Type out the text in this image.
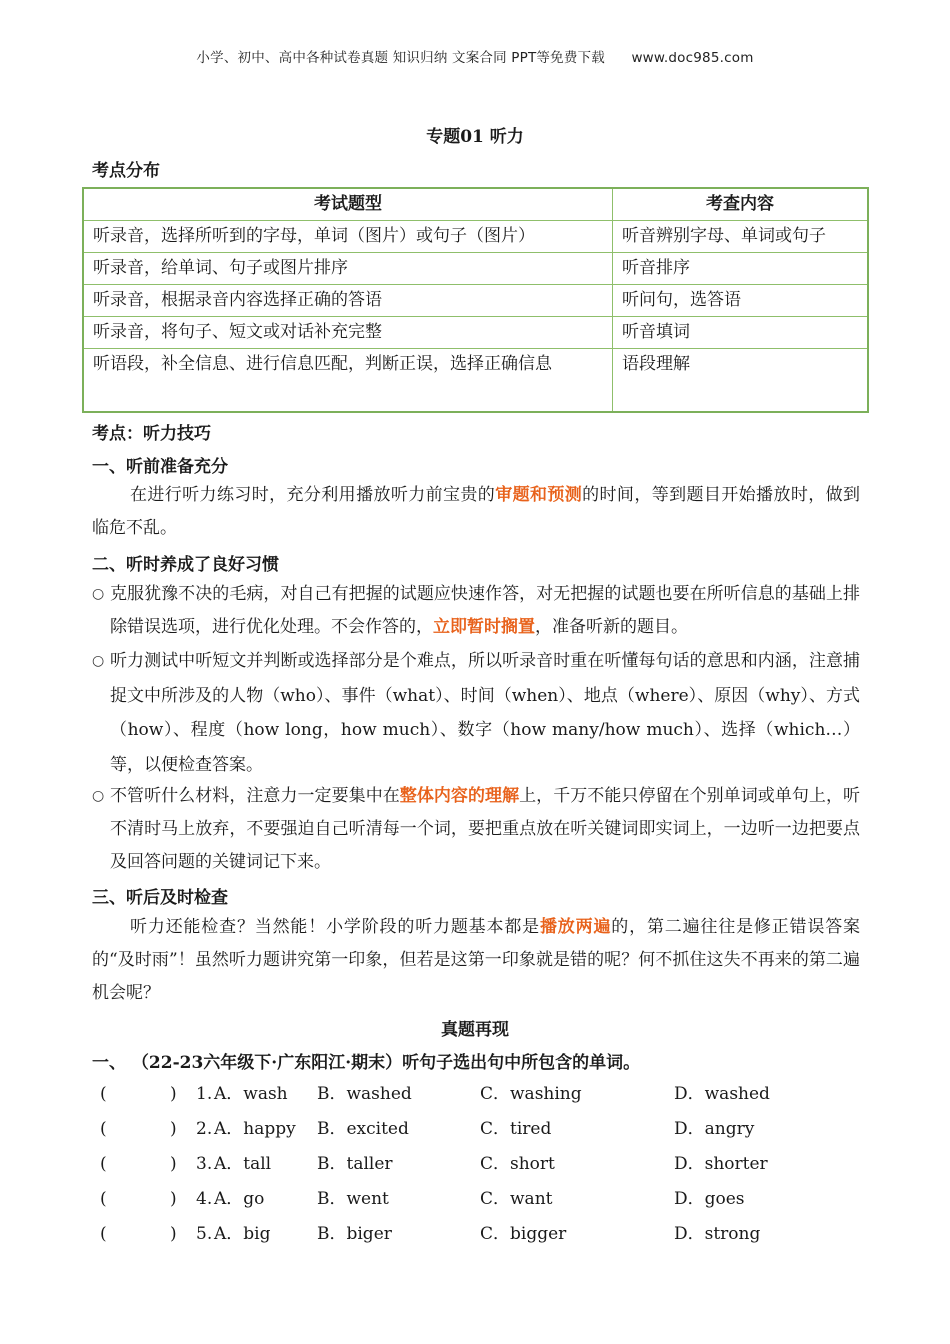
小学、初中、高中各种试卷真题 知识归纳 文案合同 PPT等免费下载 www.doc985.com
专题01 听力
考点分布
考试题型	考查内容
听录音，选择所听到的字母，单词（图片）或句子（图片）	听音辨别字母、单词或句子
听录音，给单词、句子或图片排序	听音排序
听录音，根据录音内容选择正确的答语	听问句，选答语
听录音，将句子、短文或对话补充完整	听音填词
听语段，补全信息、进行信息匹配，判断正误，选择正确信息	语段理解
考点：听力技巧
一、听前准备充分
在进行听力练习时，充分利用播放听力前宝贵的审题和预测的时间，等到题目开始播放时，做到临危不乱。
二、听时养成了良好习惯
○ 克服犹豫不决的毛病，对自己有把握的试题应快速作答，对无把握的试题也要在所听信息的基础上排除错误选项，进行优化处理。不会作答的，立即暂时搁置，准备听新的题目。
○ 听力测试中听短文并判断或选择部分是个难点，所以听录音时重在听懂每句话的意思和内涵，注意捕捉文中所涉及的人物（who）、事件（what）、时间（when）、地点（where）、原因（why）、方式（how）、程度（how long，how much）、数字（how many/how much）、选择（which…）等，以便检查答案。
○ 不管听什么材料，注意力一定要集中在整体内容的理解上，千万不能只停留在个别单词或单句上，听不清时马上放弃，不要强迫自己听清每一个词，要把重点放在听关键词即实词上，一边听一边把要点及回答问题的关键词记下来。
三、听后及时检查
听力还能检查？当然能！小学阶段的听力题基本都是播放两遍的，第二遍往往是修正错误答案的“及时雨”！虽然听力题讲究第一印象，但若是这第一印象就是错的呢？何不抓住这失不再来的第二遍机会呢？
真题再现
一、 （22-23六年级下·广东阳江·期末）听句子选出句中所包含的单词。
(	) 1. A．wash B．washed	C．washing	D．washed
(	) 2. A．happy B．excited	C．tired	D．angry
(	) 3. A．tall	B．taller	C．short	D．shorter
(	) 4. A．go	B．went	C．want	D．goes
(	) 5. A．big	B．biger	C．bigger	D．strong
